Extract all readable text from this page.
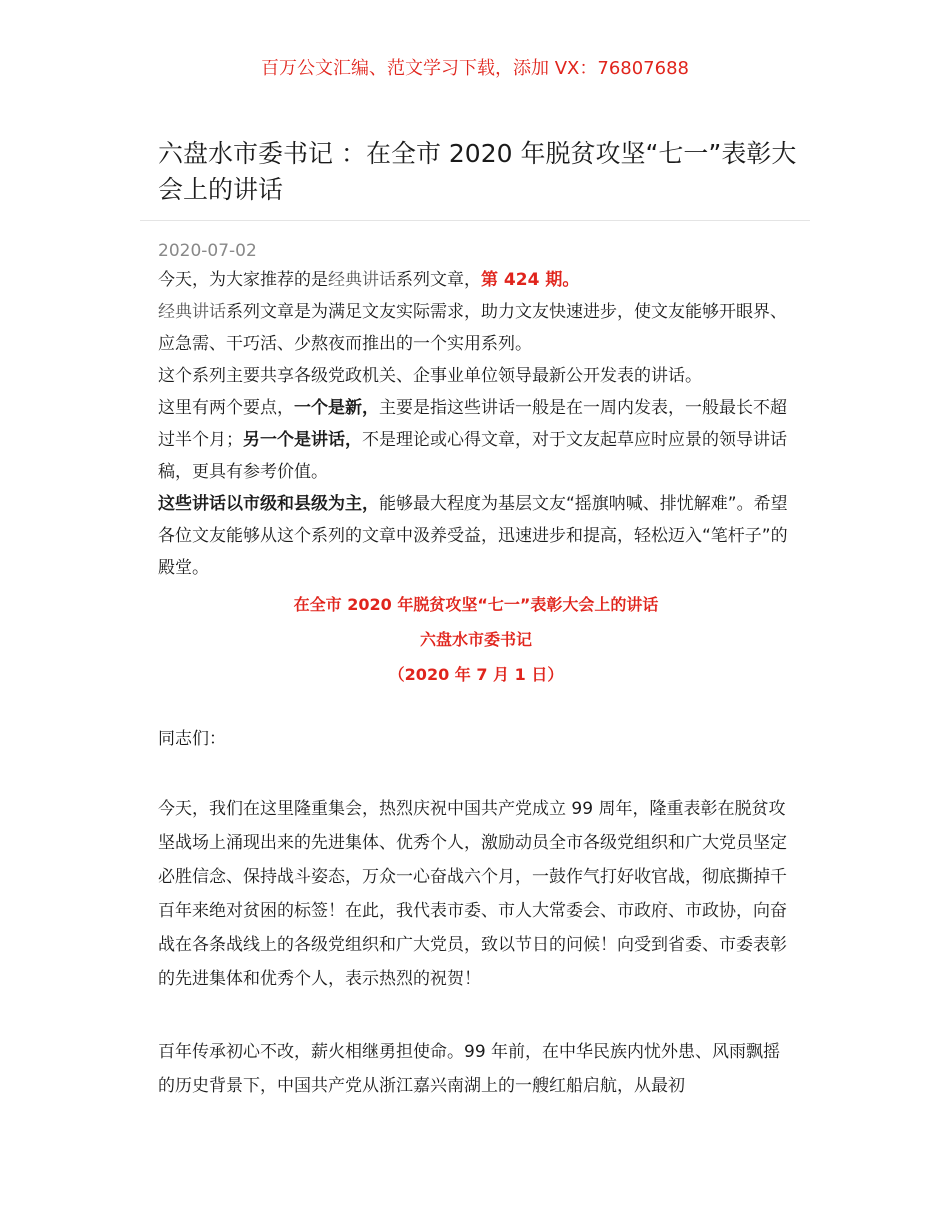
百万公文汇编、范文学习下载，添加 VX：76807688
六盘水市委书记 ：在全市 2020 年脱贫攻坚“七一”表彰大会上的讲话
2020-07-02

今天，为大家推荐的是经典讲话系列文章，第 424 期。

经典讲话系列文章是为满足文友实际需求，助力文友快速进步，使文友能够开眼界、应急需、干巧活、少熬夜而推出的一个实用系列。

这个系列主要共享各级党政机关、企事业单位领导最新公开发表的讲话。

这里有两个要点，一个是新，主要是指这些讲话一般是在一周内发表，一般最长不超过半个月；另一个是讲话，不是理论或心得文章，对于文友起草应时应景的领导讲话稿，更具有参考价值。

这些讲话以市级和县级为主，能够最大程度为基层文友“摇旗呐喊、排忧解难”。希望各位文友能够从这个系列的文章中汲养受益，迅速进步和提高，轻松迈入“笔杆子”的殿堂。

在全市 2020 年脱贫攻坚“七一”表彰大会上的讲话

六盘水市委书记

（2020 年 7 月 1 日）

同志们：

今天，我们在这里隆重集会，热烈庆祝中国共产党成立 99 周年，隆重表彰在脱贫攻坚战场上涌现出来的先进集体、优秀个人，激励动员全市各级党组织和广大党员坚定必胜信念、保持战斗姿态，万众一心奋战六个月，一鼓作气打好收官战，彻底撕掉千百年来绝对贫困的标签！在此，我代表市委、市人大常委会、市政府、市政协，向奋战在各条战线上的各级党组织和广大党员，致以节日的问候！向受到省委、市委表彰的先进集体和优秀个人，表示热烈的祝贺！

百年传承初心不改，薪火相继勇担使命。99 年前，在中华民族内忧外患、风雨飘摇的历史背景下，中国共产党从浙江嘉兴南湖上的一艘红船启航，从最初
